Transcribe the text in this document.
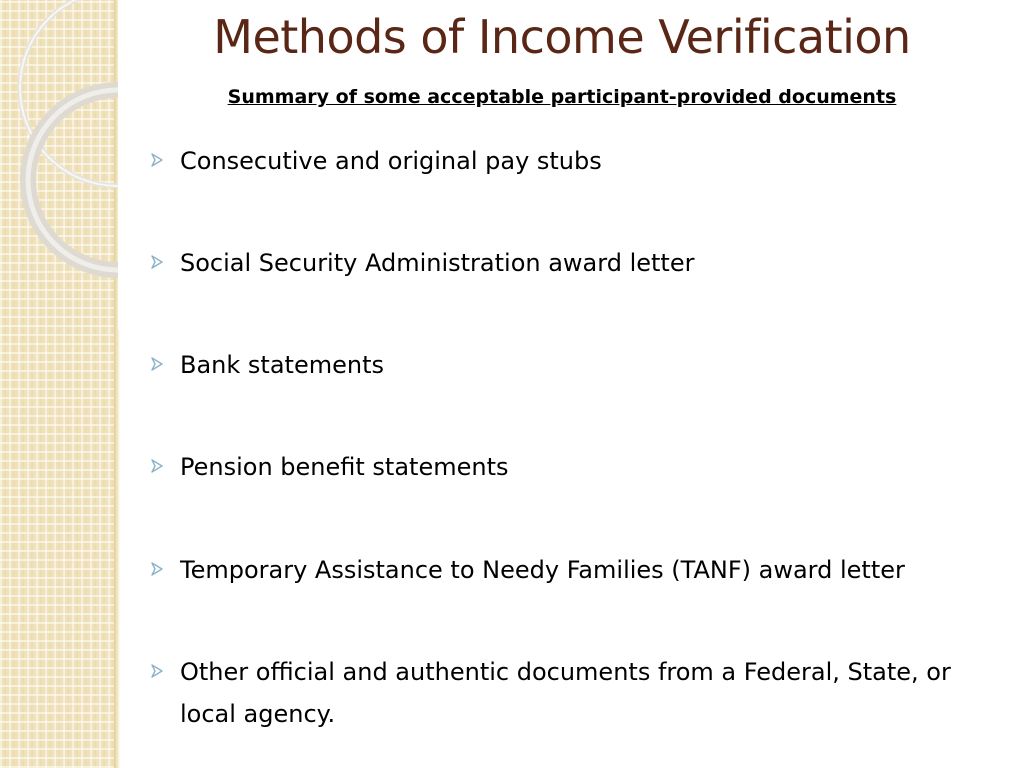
Methods of Income Verification
Summary of some acceptable participant-provided documents
Consecutive and original pay stubs
Social Security Administration award letter
Bank statements
Pension benefit statements
Temporary Assistance to Needy Families (TANF) award letter
Other official and authentic documents from a Federal, State, or local agency.
